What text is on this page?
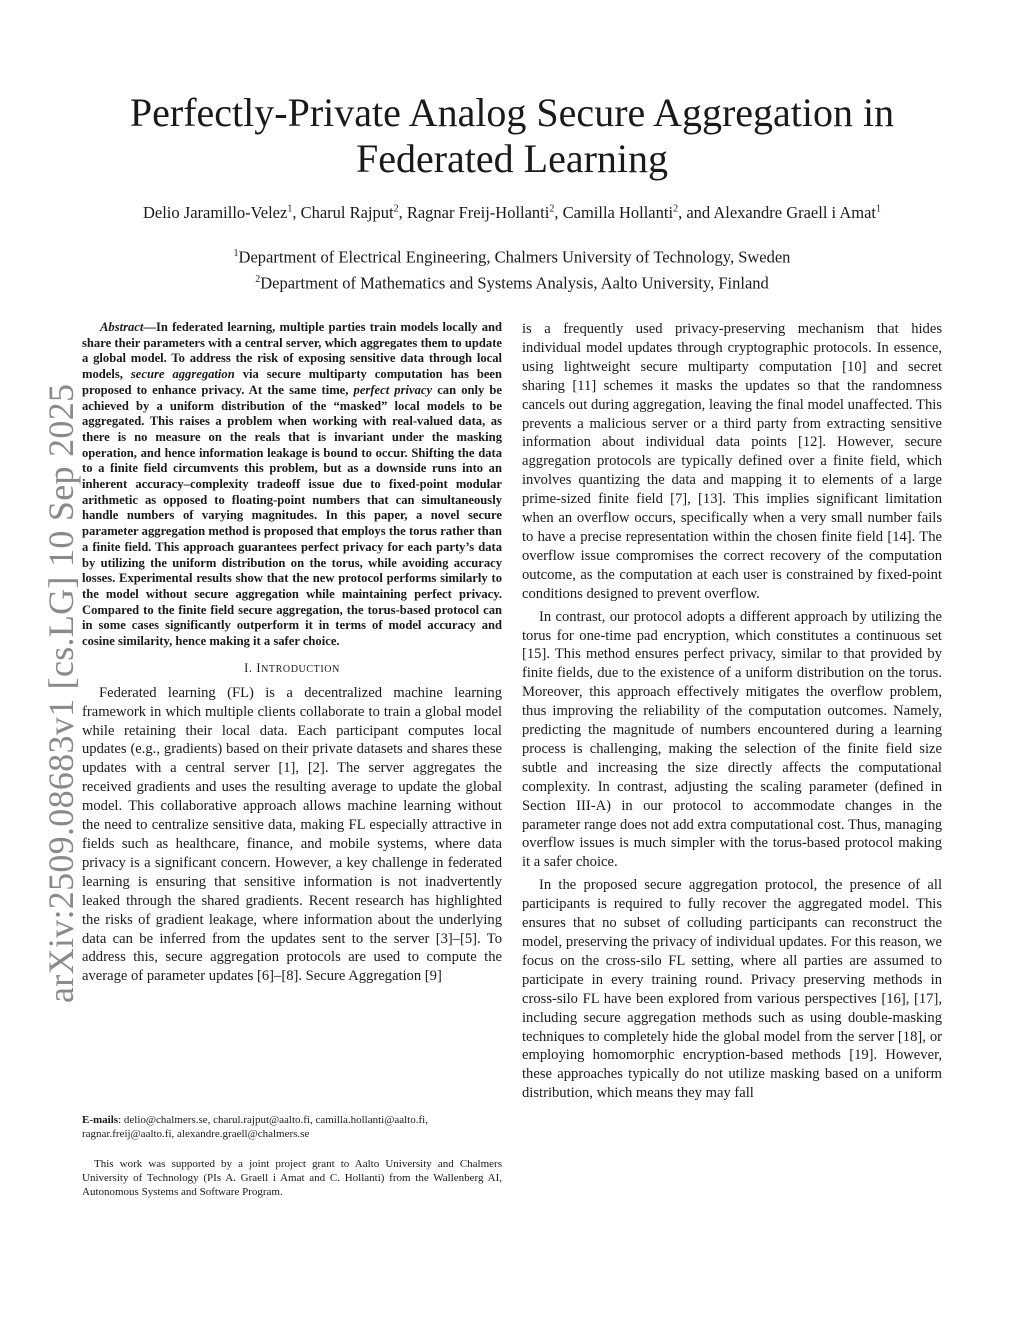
arXiv:2509.08683v1 [cs.LG] 10 Sep 2025
Perfectly-Private Analog Secure Aggregation in
Federated Learning
Delio Jaramillo-Velez$^1$, Charul Rajput$^2$, Ragnar Freij-Hollanti$^2$, Camilla Hollanti$^2$, and Alexandre Graell i Amat$^1$
$^1$Department of Electrical Engineering, Chalmers University of Technology, Sweden
$^2$Department of Mathematics and Systems Analysis, Aalto University, Finland

Abstract—In federated learning, multiple parties train models locally and share their parameters with a central server, which aggregates them to update a global model. To address the risk of exposing sensitive data through local models, secure aggregation via secure multiparty computation has been proposed to enhance privacy. At the same time, perfect privacy can only be achieved by a uniform distribution of the “masked” local models to be aggregated. This raises a problem when working with real-valued data, as there is no measure on the reals that is invariant under the masking operation, and hence information leakage is bound to occur. Shifting the data to a finite field circumvents this problem, but as a downside runs into an inherent accuracy–complexity tradeoff issue due to fixed-point modular arithmetic as opposed to floating-point numbers that can simultaneously handle numbers of varying magnitudes. In this paper, a novel secure parameter aggregation method is proposed that employs the torus rather than a finite field. This approach guarantees perfect privacy for each party’s data by utilizing the uniform distribution on the torus, while avoiding accuracy losses. Experimental results show that the new protocol performs similarly to the model without secure aggregation while maintaining perfect privacy. Compared to the finite field secure aggregation, the torus-based protocol can in some cases significantly outperform it in terms of model accuracy and cosine similarity, hence making it a safer choice.

I. INTRODUCTION

Federated learning (FL) is a decentralized machine learning framework in which multiple clients collaborate to train a global model while retaining their local data. Each participant computes local updates (e.g., gradients) based on their private datasets and shares these updates with a central server [1], [2]. The server aggregates the received gradients and uses the resulting average to update the global model. This collaborative approach allows machine learning without the need to centralize sensitive data, making FL especially attractive in fields such as healthcare, finance, and mobile systems, where data privacy is a significant concern. However, a key challenge in federated learning is ensuring that sensitive information is not inadvertently leaked through the shared gradients. Recent research has highlighted the risks of gradient leakage, where information about the underlying data can be inferred from the updates sent to the server [3]–[5]. To address this, secure aggregation protocols are used to compute the average of parameter updates [6]–[8]. Secure Aggregation [9]

E-mails: delio@chalmers.se, charul.rajput@aalto.fi, camilla.hollanti@aalto.fi,
ragnar.freij@aalto.fi, alexandre.graell@chalmers.se
This work was supported by a joint project grant to Aalto University and Chalmers University of Technology (PIs A. Graell i Amat and C. Hollanti) from the Wallenberg AI, Autonomous Systems and Software Program.

is a frequently used privacy-preserving mechanism that hides individual model updates through cryptographic protocols. In essence, using lightweight secure multiparty computation [10] and secret sharing [11] schemes it masks the updates so that the randomness cancels out during aggregation, leaving the final model unaffected. This prevents a malicious server or a third party from extracting sensitive information about individual data points [12]. However, secure aggregation protocols are typically defined over a finite field, which involves quantizing the data and mapping it to elements of a large prime-sized finite field [7], [13]. This implies significant limitation when an overflow occurs, specifically when a very small number fails to have a precise representation within the chosen finite field [14]. The overflow issue compromises the correct recovery of the computation outcome, as the computation at each user is constrained by fixed-point conditions designed to prevent overflow.

In contrast, our protocol adopts a different approach by utilizing the torus for one-time pad encryption, which constitutes a continuous set [15]. This method ensures perfect privacy, similar to that provided by finite fields, due to the existence of a uniform distribution on the torus. Moreover, this approach effectively mitigates the overflow problem, thus improving the reliability of the computation outcomes. Namely, predicting the magnitude of numbers encountered during a learning process is challenging, making the selection of the finite field size subtle and increasing the size directly affects the computational complexity. In contrast, adjusting the scaling parameter (defined in Section III-A) in our protocol to accommodate changes in the parameter range does not add extra computational cost. Thus, managing overflow issues is much simpler with the torus-based protocol making it a safer choice.

In the proposed secure aggregation protocol, the presence of all participants is required to fully recover the aggregated model. This ensures that no subset of colluding participants can reconstruct the model, preserving the privacy of individual updates. For this reason, we focus on the cross-silo FL setting, where all parties are assumed to participate in every training round. Privacy preserving methods in cross-silo FL have been explored from various perspectives [16], [17], including secure aggregation methods such as using double-masking techniques to completely hide the global model from the server [18], or employing homomorphic encryption-based methods [19]. However, these approaches typically do not utilize masking based on a uniform distribution, which means they may fall
